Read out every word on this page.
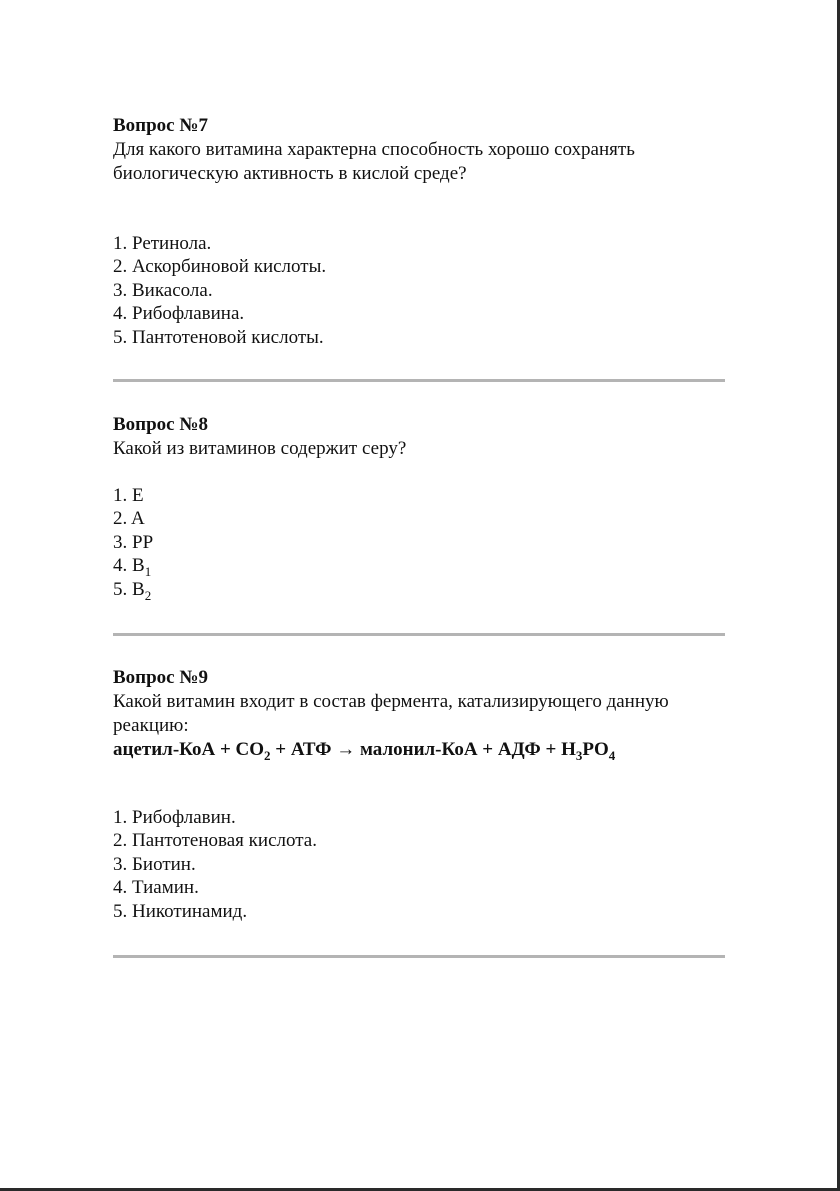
Вопрос №7

Для какого витамина характерна способность хорошо сохранять

биологическую активность в кислой среде?

1. Ретинола.
2. Аскорбиновой кислоты.
3. Викасола.
4. Рибофлавина.
5. Пантотеновой кислоты.

Вопрос №8

Какой из витаминов содержит серу?

1. E
2. A
3. PP
4. $B_1$
5. $B_2$

Вопрос №9

Какой витамин входит в состав фермента, катализирующего данную

реакцию:

ацетил-КоА + $CO_2$ + АТФ → малонил-КоА + АДФ + $H_3PO_4$

1. Рибофлавин.
2. Пантотеновая кислота.
3. Биотин.
4. Тиамин.
5. Никотинамид.
